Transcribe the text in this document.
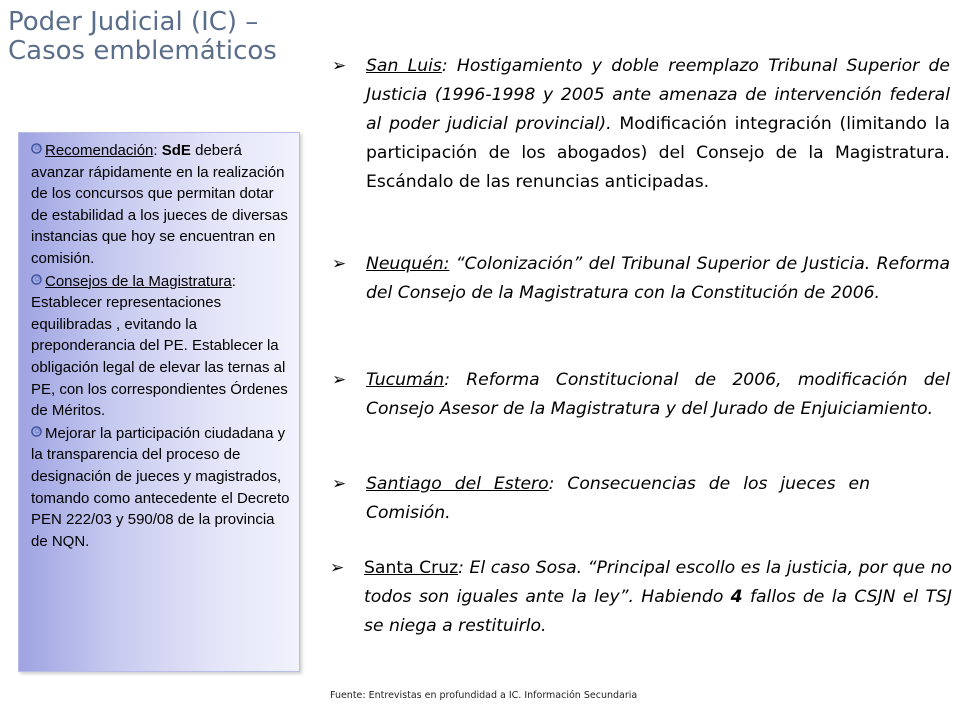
Poder Judicial (IC) –
Casos emblemáticos

Recomendación: SdE deberá avanzar rápidamente en la realización de los concursos que permitan dotar de estabilidad a los jueces de diversas instancias que hoy se encuentran en comisión.

Consejos de la Magistratura: Establecer representaciones equilibradas , evitando la preponderancia del PE. Establecer la obligación legal de elevar las ternas al PE, con los correspondientes Órdenes de Méritos.

Mejorar la participación ciudadana y la transparencia del proceso de designación de jueces y magistrados, tomando como antecedente el Decreto PEN 222/03 y 590/08 de la provincia de NQN.

➢ San Luis: Hostigamiento y doble reemplazo Tribunal Superior de Justicia (1996-1998 y 2005 ante amenaza de intervención federal al poder judicial provincial). Modificación integración (limitando la participación de los abogados) del Consejo de la Magistratura. Escándalo de las renuncias anticipadas.
➢ Neuquén: “Colonización” del Tribunal Superior de Justicia. Reforma del Consejo de la Magistratura con la Constitución de 2006.
➢ Tucumán: Reforma Constitucional de 2006, modificación del Consejo Asesor de la Magistratura y del Jurado de Enjuiciamiento.
➢ Santiago del Estero: Consecuencias de los jueces en Comisión.
➢ Santa Cruz: El caso Sosa. “Principal escollo es la justicia, por que no todos son iguales ante la ley”. Habiendo 4 fallos de la CSJN el TSJ se niega a restituirlo.
Fuente: Entrevistas en profundidad a IC. Información Secundaria
